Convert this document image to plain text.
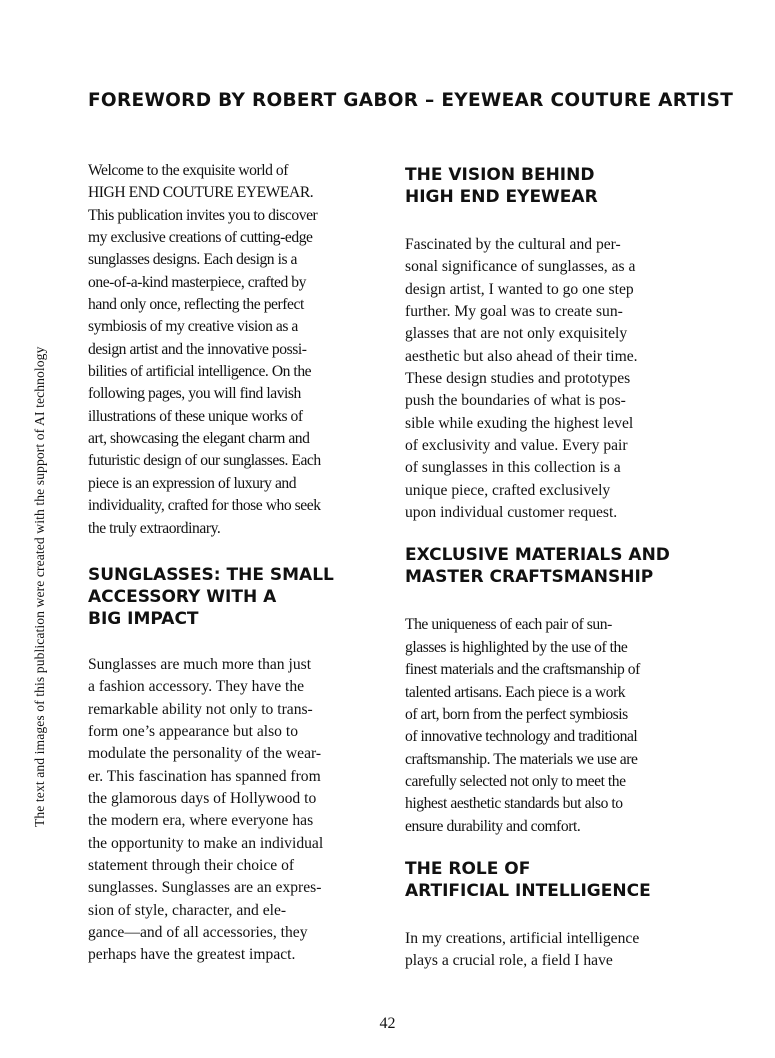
FOREWORD BY ROBERT GABOR – EYEWEAR COUTURE ARTIST
The text and images of this publication were created with the support of AI technology

Welcome to the exquisite world of
HIGH END COUTURE EYEWEAR.
This publication invites you to discover
my exclusive creations of cutting-edge
sunglasses designs. Each design is a
one-of-a-kind masterpiece, crafted by
hand only once, reflecting the perfect
symbiosis of my creative vision as a
design artist and the innovative possi-
bilities of artificial intelligence. On the
following pages, you will find lavish
illustrations of these unique works of
art, showcasing the elegant charm and
futuristic design of our sunglasses. Each
piece is an expression of luxury and
individuality, crafted for those who seek
the truly extraordinary.

SUNGLASSES: THE SMALL
ACCESSORY WITH A
BIG IMPACT

Sunglasses are much more than just
a fashion accessory. They have the
remarkable ability not only to trans-
form one’s appearance but also to
modulate the personality of the wear-
er. This fascination has spanned from
the glamorous days of Hollywood to
the modern era, where everyone has
the opportunity to make an individual
statement through their choice of
sunglasses. Sunglasses are an expres-
sion of style, character, and ele-
gance—and of all accessories, they
perhaps have the greatest impact.

THE VISION BEHIND
HIGH END EYEWEAR

Fascinated by the cultural and per-
sonal significance of sunglasses, as a
design artist, I wanted to go one step
further. My goal was to create sun-
glasses that are not only exquisitely
aesthetic but also ahead of their time.
These design studies and prototypes
push the boundaries of what is pos-
sible while exuding the highest level
of exclusivity and value. Every pair
of sunglasses in this collection is a
unique piece, crafted exclusively
upon individual customer request.

EXCLUSIVE MATERIALS AND
MASTER CRAFTSMANSHIP

The uniqueness of each pair of sun-
glasses is highlighted by the use of the
finest materials and the craftsmanship of
talented artisans. Each piece is a work
of art, born from the perfect symbiosis
of innovative technology and traditional
craftsmanship. The materials we use are
carefully selected not only to meet the
highest aesthetic standards but also to
ensure durability and comfort.

THE ROLE OF
ARTIFICIAL INTELLIGENCE

In my creations, artificial intelligence
plays a crucial role, a field I have

42
